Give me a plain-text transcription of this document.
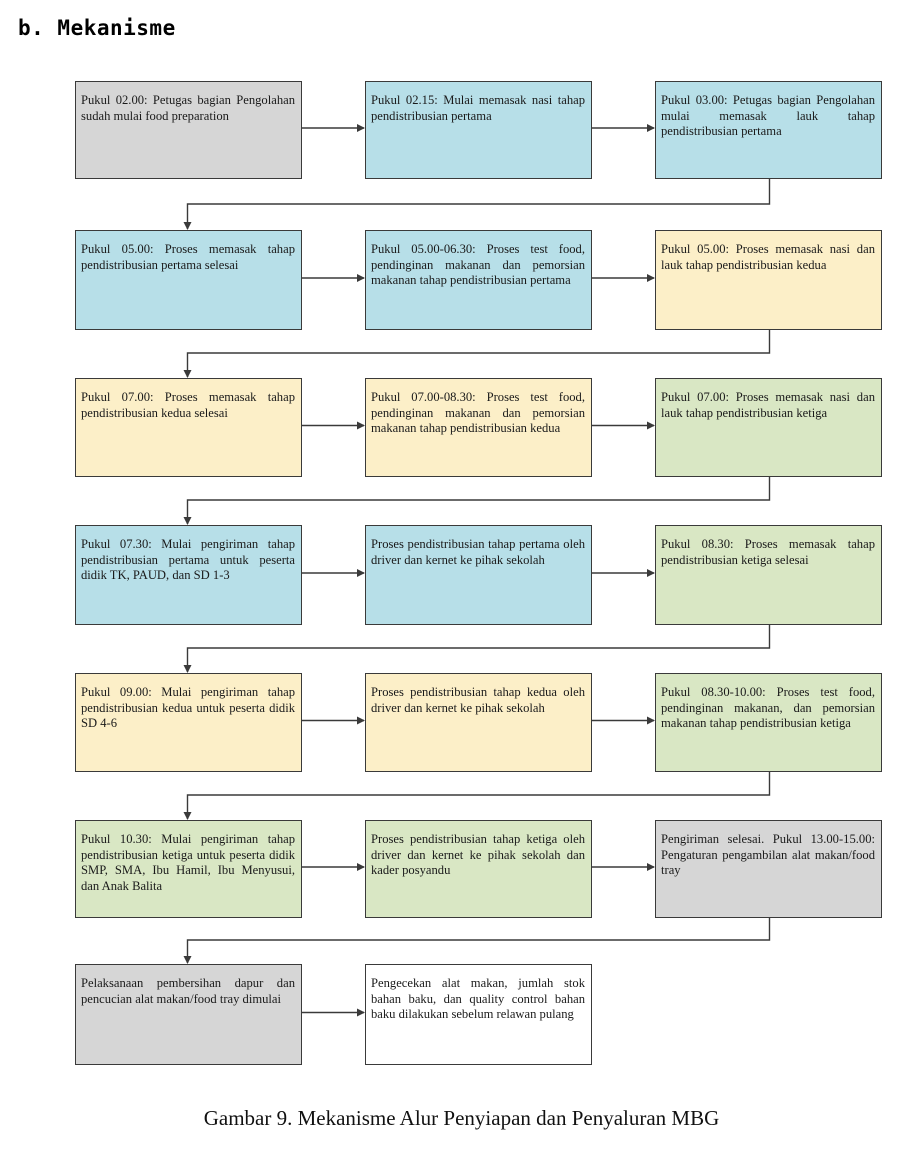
b. Mekanisme
Pukul 02.00: Petugas bagian Pengolahan sudah mulai food preparation
Pukul 02.15: Mulai memasak nasi tahap pendistribusian pertama
Pukul 03.00: Petugas bagian Pengolahan mulai memasak lauk tahap pendistribusian pertama
Pukul 05.00: Proses memasak tahap pendistribusian pertama selesai
Pukul 05.00-06.30: Proses test food, pendinginan makanan dan pemorsian makanan tahap pendistribusian pertama
Pukul 05.00: Proses memasak nasi dan lauk tahap pendistribusian kedua
Pukul 07.00: Proses memasak tahap pendistribusian kedua selesai
Pukul 07.00-08.30: Proses test food, pendinginan makanan dan pemorsian makanan tahap pendistribusian kedua
Pukul 07.00: Proses memasak nasi dan lauk tahap pendistribusian ketiga
Pukul 07.30: Mulai pengiriman tahap pendistribusian pertama untuk peserta didik TK, PAUD, dan SD 1-3
Proses pendistribusian tahap pertama oleh driver dan kernet ke pihak sekolah
Pukul 08.30: Proses memasak tahap pendistribusian ketiga selesai
Pukul 09.00: Mulai pengiriman tahap pendistribusian kedua untuk peserta didik SD 4-6
Proses pendistribusian tahap kedua oleh driver dan kernet ke pihak sekolah
Pukul 08.30-10.00: Proses test food, pendinginan makanan, dan pemorsian makanan tahap pendistribusian ketiga
Pukul 10.30: Mulai pengiriman tahap pendistribusian ketiga untuk peserta didik SMP, SMA, Ibu Hamil, Ibu Menyusui, dan Anak Balita
Proses pendistribusian tahap ketiga oleh driver dan kernet ke pihak sekolah dan kader posyandu
Pengiriman selesai. Pukul 13.00-15.00: Pengaturan pengambilan alat makan/food tray
Pelaksanaan pembersihan dapur dan pencucian alat makan/food tray dimulai
Pengecekan alat makan, jumlah stok bahan baku, dan quality control bahan baku dilakukan sebelum relawan pulang
Gambar 9. Mekanisme Alur Penyiapan dan Penyaluran MBG
